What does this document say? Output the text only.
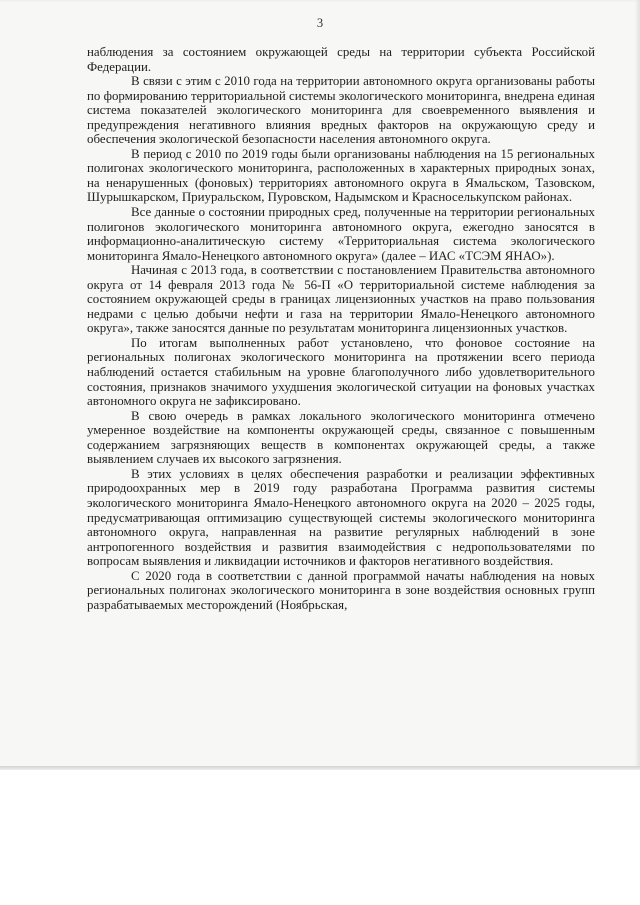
3

наблюдения за состоянием окружающей среды на территории субъекта Российской Федерации.

В связи с этим с 2010 года на территории автономного округа организованы работы по формированию территориальной системы экологического мониторинга, внедрена единая система показателей экологического мониторинга для своевременного выявления и предупреждения негативного влияния вредных факторов на окружающую среду и обеспечения экологической безопасности населения автономного округа.

В период с 2010 по 2019 годы были организованы наблюдения на 15 региональных полигонах экологического мониторинга, расположенных в характерных природных зонах, на ненарушенных (фоновых) территориях автономного округа в Ямальском, Тазовском, Шурышкарском, Приуральском, Пуровском, Надымском и Красноселькупском районах.

Все данные о состоянии природных сред, полученные на территории региональных полигонов экологического мониторинга автономного округа, ежегодно заносятся в информационно-аналитическую систему «Территориальная система экологического мониторинга Ямало-Ненецкого автономного округа» (далее – ИАС «ТСЭМ ЯНАО»).

Начиная с 2013 года, в соответствии с постановлением Правительства автономного округа от 14 февраля 2013 года № 56-П «О территориальной системе наблюдения за состоянием окружающей среды в границах лицензионных участков на право пользования недрами с целью добычи нефти и газа на территории Ямало-Ненецкого автономного округа», также заносятся данные по результатам мониторинга лицензионных участков.

По итогам выполненных работ установлено, что фоновое состояние на региональных полигонах экологического мониторинга на протяжении всего периода наблюдений остается стабильным на уровне благополучного либо удовлетворительного состояния, признаков значимого ухудшения экологической ситуации на фоновых участках автономного округа не зафиксировано.

В свою очередь в рамках локального экологического мониторинга отмечено умеренное воздействие на компоненты окружающей среды, связанное с повышенным содержанием загрязняющих веществ в компонентах окружающей среды, а также выявлением случаев их высокого загрязнения.

В этих условиях в целях обеспечения разработки и реализации эффективных природоохранных мер в 2019 году разработана Программа развития системы экологического мониторинга Ямало-Ненецкого автономного округа на 2020 – 2025 годы, предусматривающая оптимизацию существующей системы экологического мониторинга автономного округа, направленная на развитие регулярных наблюдений в зоне антропогенного воздействия и развития взаимодействия с недропользователями по вопросам выявления и ликвидации источников и факторов негативного воздействия.

С 2020 года в соответствии с данной программой начаты наблюдения на новых региональных полигонах экологического мониторинга в зоне воздействия основных групп разрабатываемых месторождений (Ноябрьская,
